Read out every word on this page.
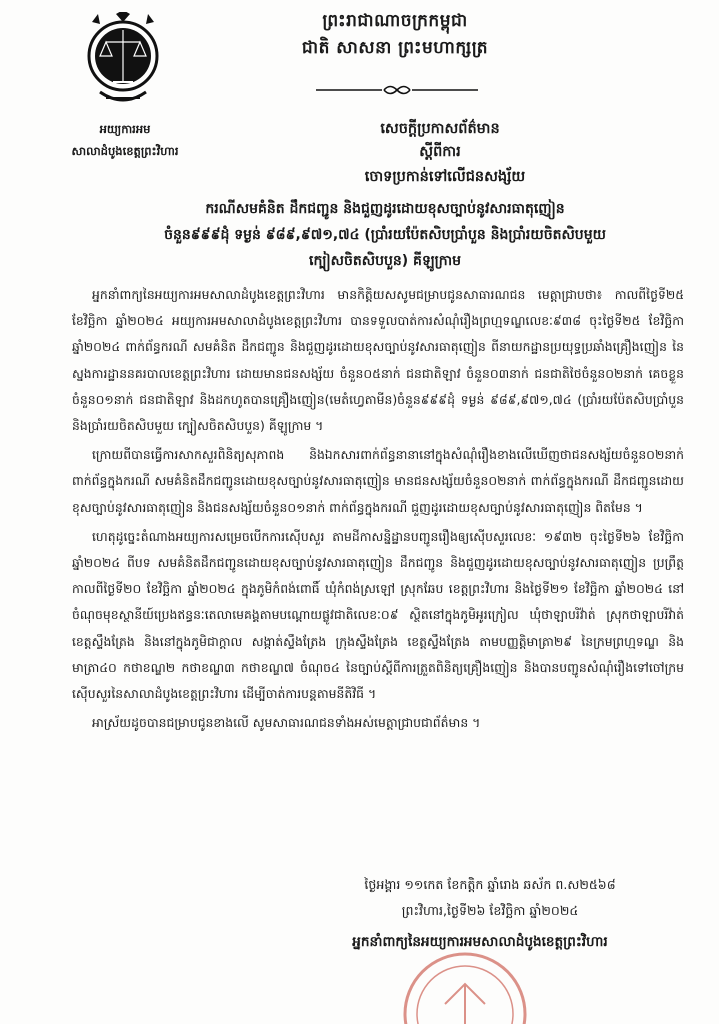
អយ្យការអម
សាលាដំបូងខេត្តព្រះវិហារ
ព្រះរាជាណាចក្រកម្ពុជា
ជាតិ សាសនា ព្រះមហាក្សត្រ
សេចក្តីប្រកាសព័ត៌មាន
ស្តីពីការ
ចោទប្រកាន់ទៅលើជនសង្ស័យ
ករណីសមគំនិត ដឹកជញ្ជូន និងជួញដូរដោយខុសច្បាប់នូវសារធាតុញៀន
ចំនួន៩៩៩ដុំ ទម្ងន់ ៩៨៩,៩៧១,៧៤ (ប្រាំរយប៉ែតសិបប្រាំបួន និងប្រាំរយចិតសិបមួយ
ក្បៀសចិតសិបបួន) គីឡូក្រាម

អ្នកនាំពាក្យនៃអយ្យការអមសាលាដំបូងខេត្តព្រះវិហារ មានកិត្តិយសសូមជម្រាបជូនសាធារណជន មេត្តាជ្រាបថា៖ កាលពីថ្ងៃទី២៥ ខែវិច្ឆិកា ឆ្នាំ២០២៤ អយ្យការអមសាលាដំបូងខេត្តព្រះវិហារ បានទទួលបាត់ការសំណុំរឿងព្រហ្មទណ្ឌលេខៈ៩៣៨ ចុះថ្ងៃទី២៥ ខែវិច្ឆិកា ឆ្នាំ២០២៤ ពាក់ព័ន្ធករណី សមគំនិត ដឹកជញ្ជូន និងជួញដូរដោយខុសច្បាប់នូវសារធាតុញៀន ពីនាយកដ្ឋានប្រយុទ្ធប្រឆាំងគ្រឿងញៀន នៃស្នងការដ្ឋាននគរបាលខេត្តព្រះវិហារ ដោយមានជនសង្ស័យ ចំនួន០៥នាក់ ជនជាតិឡាវ ចំនួន០៣នាក់ ជនជាតិថៃចំនួន០២នាក់ គេចខ្លួនចំនួន០១នាក់ ជនជាតិឡាវ និងដកហូតបានគ្រឿងញៀន(មេតំហ្វេតាមីន)ចំនួន៩៩៩ដុំ ទម្ងន់ ៩៨៩,៩៧១,៧៤ (ប្រាំរយប៉ែតសិបប្រាំបួន និងប្រាំរយចិតសិបមួយ ក្បៀសចិតសិបបួន) គីឡូក្រាម ។

ក្រោយពីបានធ្វើការសាកសួរពិនិត្យសុភាពង និងឯកសារពាក់ព័ន្ធនានានៅក្នុងសំណុំរឿងខាងលើឃើញថាជនសង្ស័យចំនួន០២នាក់ ពាក់ព័ន្ធក្នុងករណី សមគំនិតដឹកជញ្ជូនដោយខុសច្បាប់នូវសារធាតុញៀន មានជនសង្ស័យចំនួន០២នាក់ ពាក់ព័ន្ធក្នុងករណី ដឹកជញ្ជូនដោយខុសច្បាប់នូវសារធាតុញៀន និងជនសង្ស័យចំនួន០១នាក់ ពាក់ព័ន្ធក្នុងករណី ជួញដូរដោយខុសច្បាប់នូវសារធាតុញៀន ពិតមែន ។

ហេតុដូច្នេះតំណាងអយ្យការសម្រេចបើកការស៊ើបសួរ តាមដីកាសន្និដ្ឋានបញ្ជូនរឿងឲ្យស៊ើបសួរលេខៈ ១៩៣២ ចុះថ្ងៃទី២៦ ខែវិច្ឆិកា ឆ្នាំ២០២៤ ពីបទ សមគំនិតដឹកជញ្ជូនដោយខុសច្បាប់នូវសារធាតុញៀន ដឹកជញ្ជូន និងជួញដូរដោយខុសច្បាប់នូវសារធាតុញៀន ប្រព្រឹត្តកាលពីថ្ងៃទី២០ ខែវិច្ឆិកា ឆ្នាំ២០២៤ ក្នុងភូមិកំពង់ពោធិ៍ ឃុំកំពង់ស្រឡៅ ស្រុកឆែប ខេត្តព្រះវិហារ និងថ្ងៃទី២១ ខែវិច្ឆិកា ឆ្នាំ២០២៤ នៅចំណុចមុខស្ថានីយ៍ប្រេងឥន្ធនៈតេលាមេគង្គតាមបណ្តោយផ្លូវជាតិលេខៈ០៩ ស្ថិតនៅក្នុងភូមិអូរក្រៀល ឃុំថាឡាបរិវ៉ាត់ ស្រុកថាឡាបរិវ៉ាត់ ខេត្តស្ទឹងត្រែង និងនៅក្នុងភូមិជាក្តាល សង្កាត់ស្ទឹងត្រែង ក្រុងស្ទឹងត្រែង ខេត្តស្ទឹងត្រែង តាមបញ្ញត្តិមាត្រា២៩ នៃក្រមព្រហ្មទណ្ឌ និងមាត្រា៤០ កថាខណ្ឌ២ កថាខណ្ឌ៣ កថាខណ្ឌ៧ ចំណុច៤ នៃច្បាប់ស្តីពីការត្រួតពិនិត្យគ្រឿងញៀន និងបានបញ្ជូនសំណុំរឿងទៅចៅក្រមស៊ើបសួរនៃសាលាដំបូងខេត្តព្រះវិហារ ដើម្បីចាត់ការបន្តតាមនីតិវិធី ។

អាស្រ័យដូចបានជម្រាបជូនខាងលើ សូមសាធារណជនទាំងអស់មេត្តាជ្រាបជាព័ត៌មាន ។

ថ្ងៃអង្គារ ១១កេត ខែកត្តិក ឆ្នាំរោង ឆស័ក ព.ស២៥៦៨
ព្រះវិហារ,ថ្ងៃទី២៦ ខែវិច្ឆិកា ឆ្នាំ២០២៤
អ្នកនាំពាក្យនៃអយ្យការអមសាលាដំបូងខេត្តព្រះវិហារ
